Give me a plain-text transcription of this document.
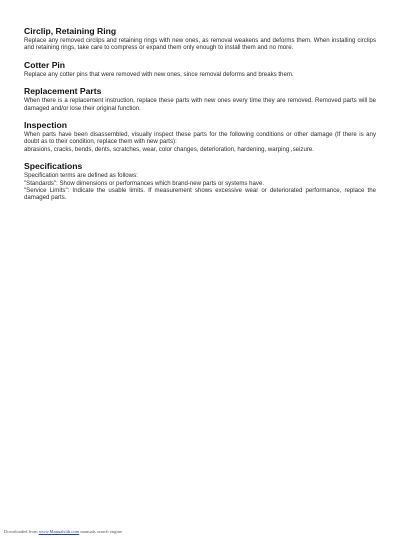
Circlip, Retaining Ring

Replace any removed circlips and retaining rings with new ones, as removal weakens and deforms them. When installing circlips and retaining rings, take care to compress or expand them only enough to install them and no more.

Cotter Pin

Replace any cotter pins that were removed with new ones, since removal deforms and breaks them.

Replacement Parts

When there is a replacement instruction, replace these parts with new ones every time they are removed. Removed parts will be damaged and/or lose their original function.

Inspection

When parts have been disassembled, visually inspect these parts for the following conditions or other damage (If there is any doubt as to their condition, replace them with new parts):

abrasions, cracks, bends, dents, scratches, wear, color changes, deterioration, hardening, warping ,seizure.

Specifications

Specification terms are defined as follows:

"Standards": Show dimensions or performances which brand-new parts or systems have.

"Service Limits": Indicate the usable limits. If measurement shows excessive wear or deteriorated performance, replace the damaged parts.

Downloaded from www.Manualslib.com manuals search engine
